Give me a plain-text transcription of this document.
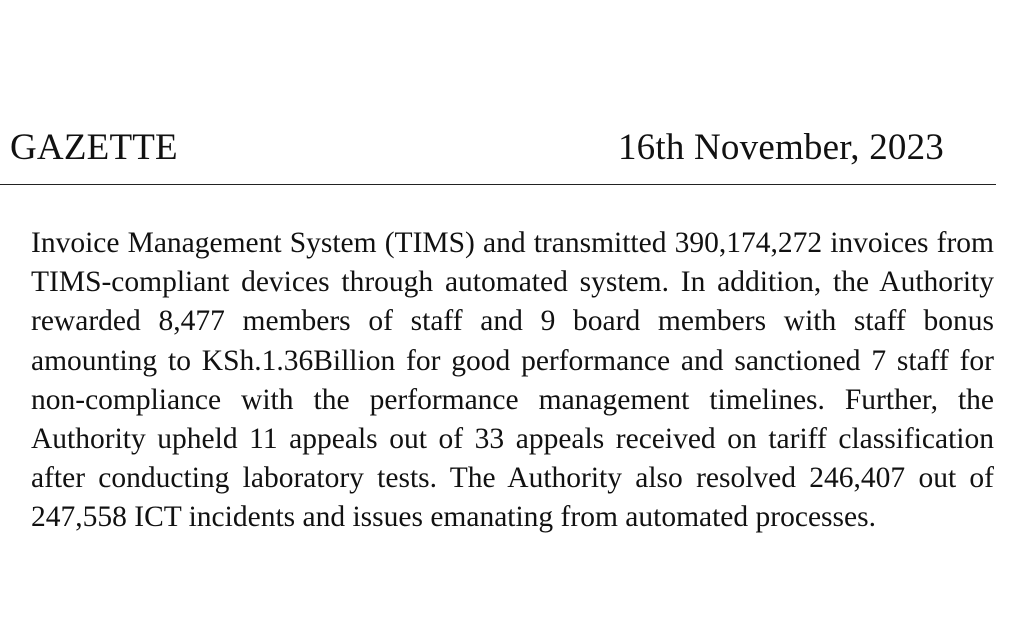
GAZETTE	16th November, 2023

Invoice Management System (TIMS) and transmitted 390,174,272 invoices from TIMS-compliant devices through automated system. In addition, the Authority rewarded 8,477 members of staff and 9 board members with staff bonus amounting to KSh.1.36Billion for good performance and sanctioned 7 staff for non-compliance with the performance management timelines. Further, the Authority upheld 11 appeals out of 33 appeals received on tariff classification after conducting laboratory tests. The Authority also resolved 246,407 out of 247,558 ICT incidents and issues emanating from automated processes.
